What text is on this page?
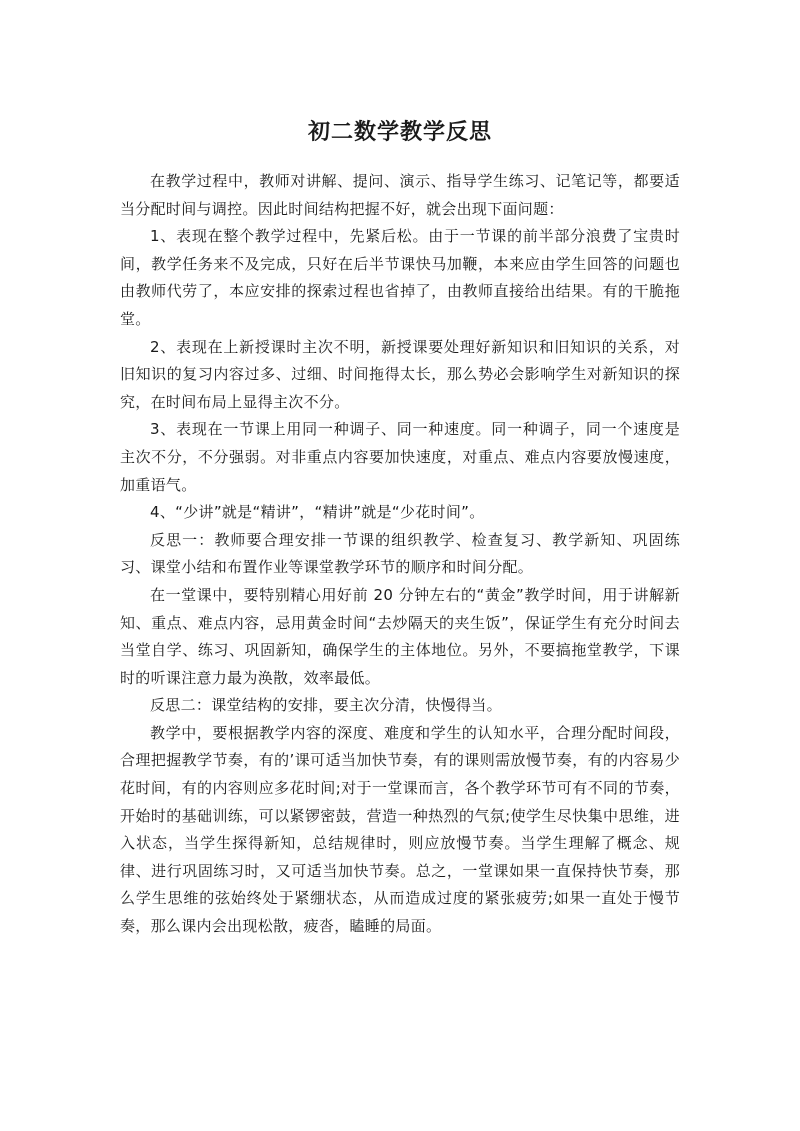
初二数学教学反思

在教学过程中，教师对讲解、提问、演示、指导学生练习、记笔记等，都要适当分配时间与调控。因此时间结构把握不好，就会出现下面问题：

1、表现在整个教学过程中，先紧后松。由于一节课的前半部分浪费了宝贵时间，教学任务来不及完成，只好在后半节课快马加鞭，本来应由学生回答的问题也由教师代劳了，本应安排的探索过程也省掉了，由教师直接给出结果。有的干脆拖堂。

2、表现在上新授课时主次不明，新授课要处理好新知识和旧知识的关系，对旧知识的复习内容过多、过细、时间拖得太长，那么势必会影响学生对新知识的探究，在时间布局上显得主次不分。

3、表现在一节课上用同一种调子、同一种速度。同一种调子，同一个速度是主次不分，不分强弱。对非重点内容要加快速度，对重点、难点内容要放慢速度，加重语气。

4、“少讲”就是“精讲”，“精讲”就是“少花时间”。

反思一：教师要合理安排一节课的组织教学、检查复习、教学新知、巩固练习、课堂小结和布置作业等课堂教学环节的顺序和时间分配。

在一堂课中，要特别精心用好前 20 分钟左右的“黄金”教学时间，用于讲解新知、重点、难点内容，忌用黄金时间“去炒隔天的夹生饭”，保证学生有充分时间去当堂自学、练习、巩固新知，确保学生的主体地位。另外，不要搞拖堂教学，下课时的听课注意力最为涣散，效率最低。

反思二：课堂结构的安排，要主次分清，快慢得当。

教学中，要根据教学内容的深度、难度和学生的认知水平，合理分配时间段，合理把握教学节奏，有的’课可适当加快节奏，有的课则需放慢节奏，有的内容易少花时间，有的内容则应多花时间;对于一堂课而言，各个教学环节可有不同的节奏，开始时的基础训练，可以紧锣密鼓，营造一种热烈的气氛;使学生尽快集中思维，进入状态，当学生探得新知，总结规律时，则应放慢节奏。当学生理解了概念、规律、进行巩固练习时，又可适当加快节奏。总之，一堂课如果一直保持快节奏，那么学生思维的弦始终处于紧绷状态，从而造成过度的紧张疲劳;如果一直处于慢节奏，那么课内会出现松散，疲沓，瞌睡的局面。
